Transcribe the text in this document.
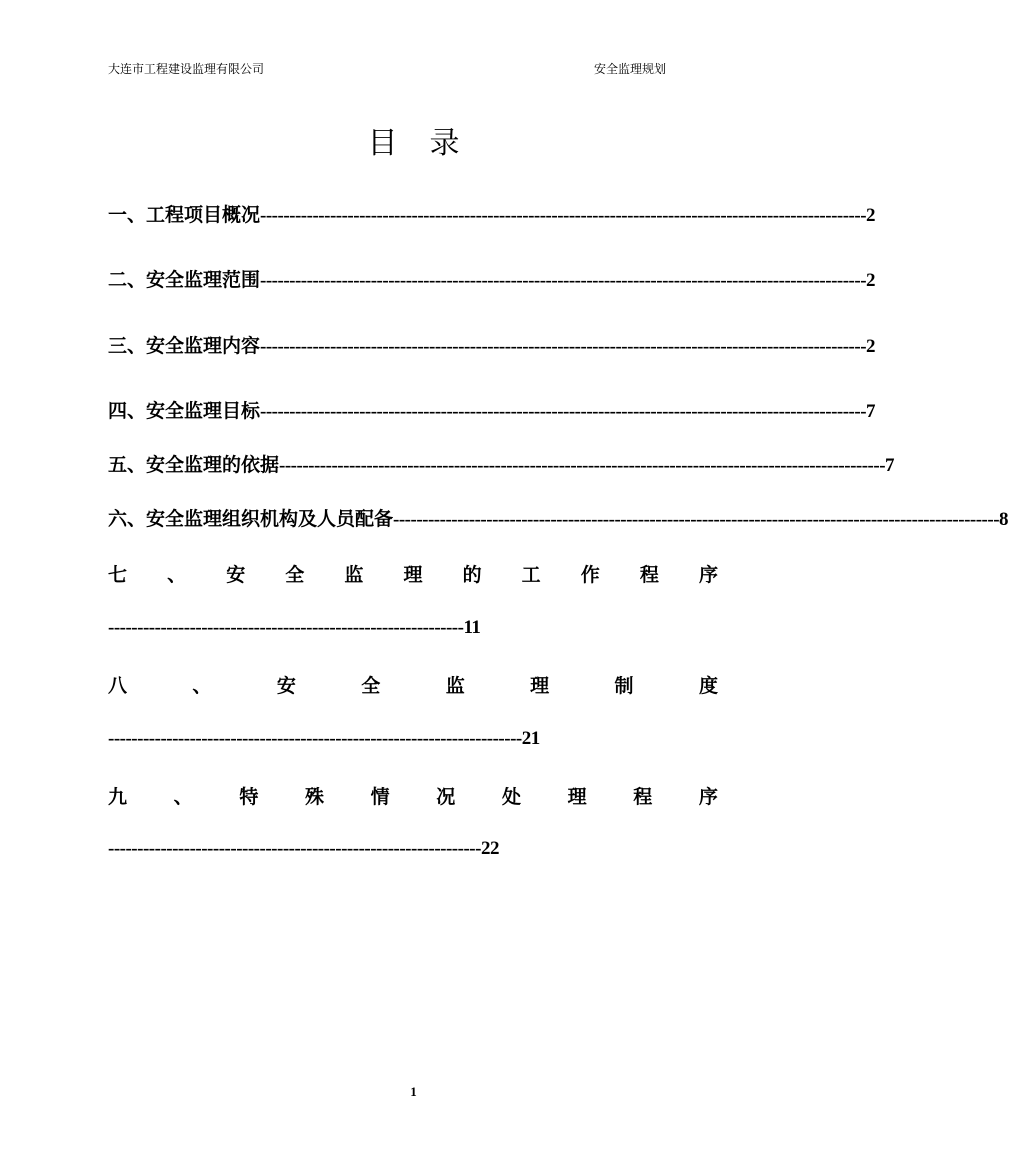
大连市工程建设监理有限公司	安全监理规划
目录
一、工程项目概况 -------------------------------------------------------------------------------------------------------- 2
二、安全监理范围 -------------------------------------------------------------------------------------------------------- 2
三、安全监理内容 -------------------------------------------------------------------------------------------------------- 2
四、安全监理目标 -------------------------------------------------------------------------------------------------------- 7
五、安全监理的依据 -------------------------------------------------------------------------------------------------------- 7
六、安全监理组织机构及人员配备 -------------------------------------------------------------------------------------------------------- 8
七 、 安 全 监 理 的 工 作 程 序
-------------------------------------------------------------11
八	、	安	全	监	理	制	度
-----------------------------------------------------------------------21
九 、 特 殊 情 况 处 理 程 序
----------------------------------------------------------------22
1
